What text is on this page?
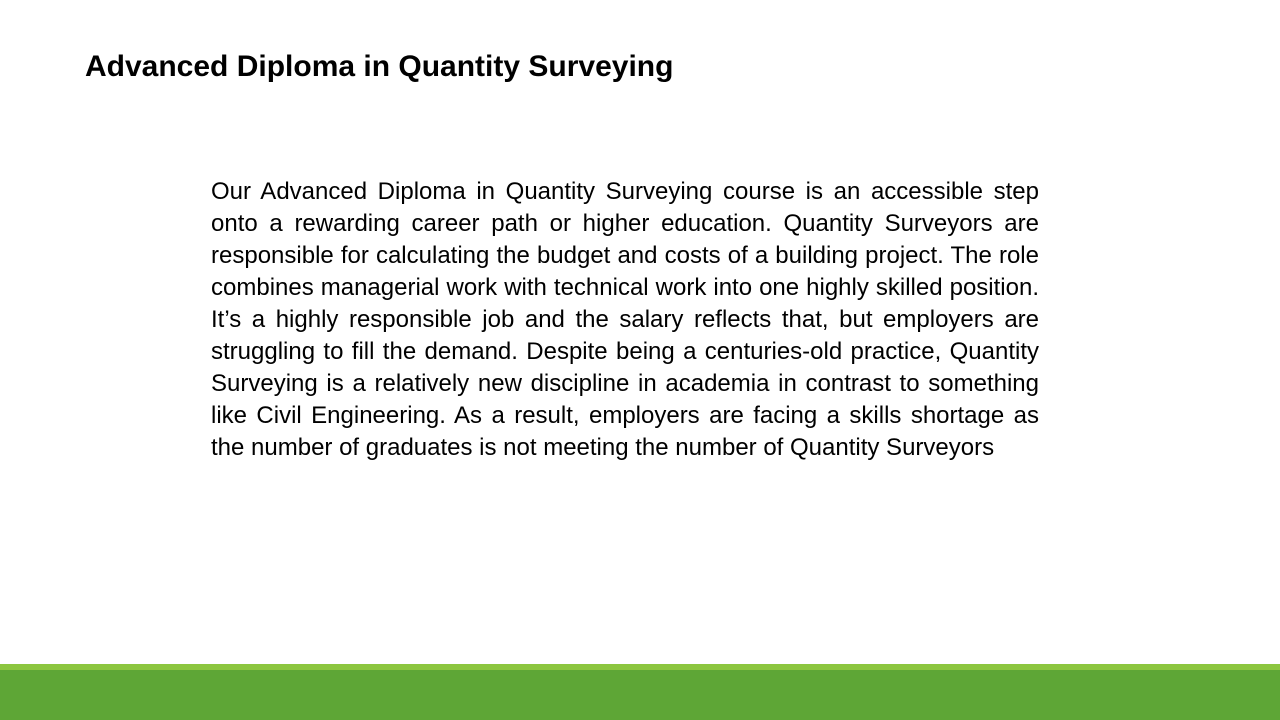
Advanced Diploma in Quantity Surveying

Our Advanced Diploma in Quantity Surveying course is an accessible step onto a rewarding career path or higher education. Quantity Surveyors are responsible for calculating the budget and costs of a building project. The role combines managerial work with technical work into one highly skilled position. It’s a highly responsible job and the salary reflects that, but employers are struggling to fill the demand. Despite being a centuries-old practice, Quantity Surveying is a relatively new discipline in academia in contrast to something like Civil Engineering. As a result, employers are facing a skills shortage as the number of graduates is not meeting the number of Quantity Surveyors
